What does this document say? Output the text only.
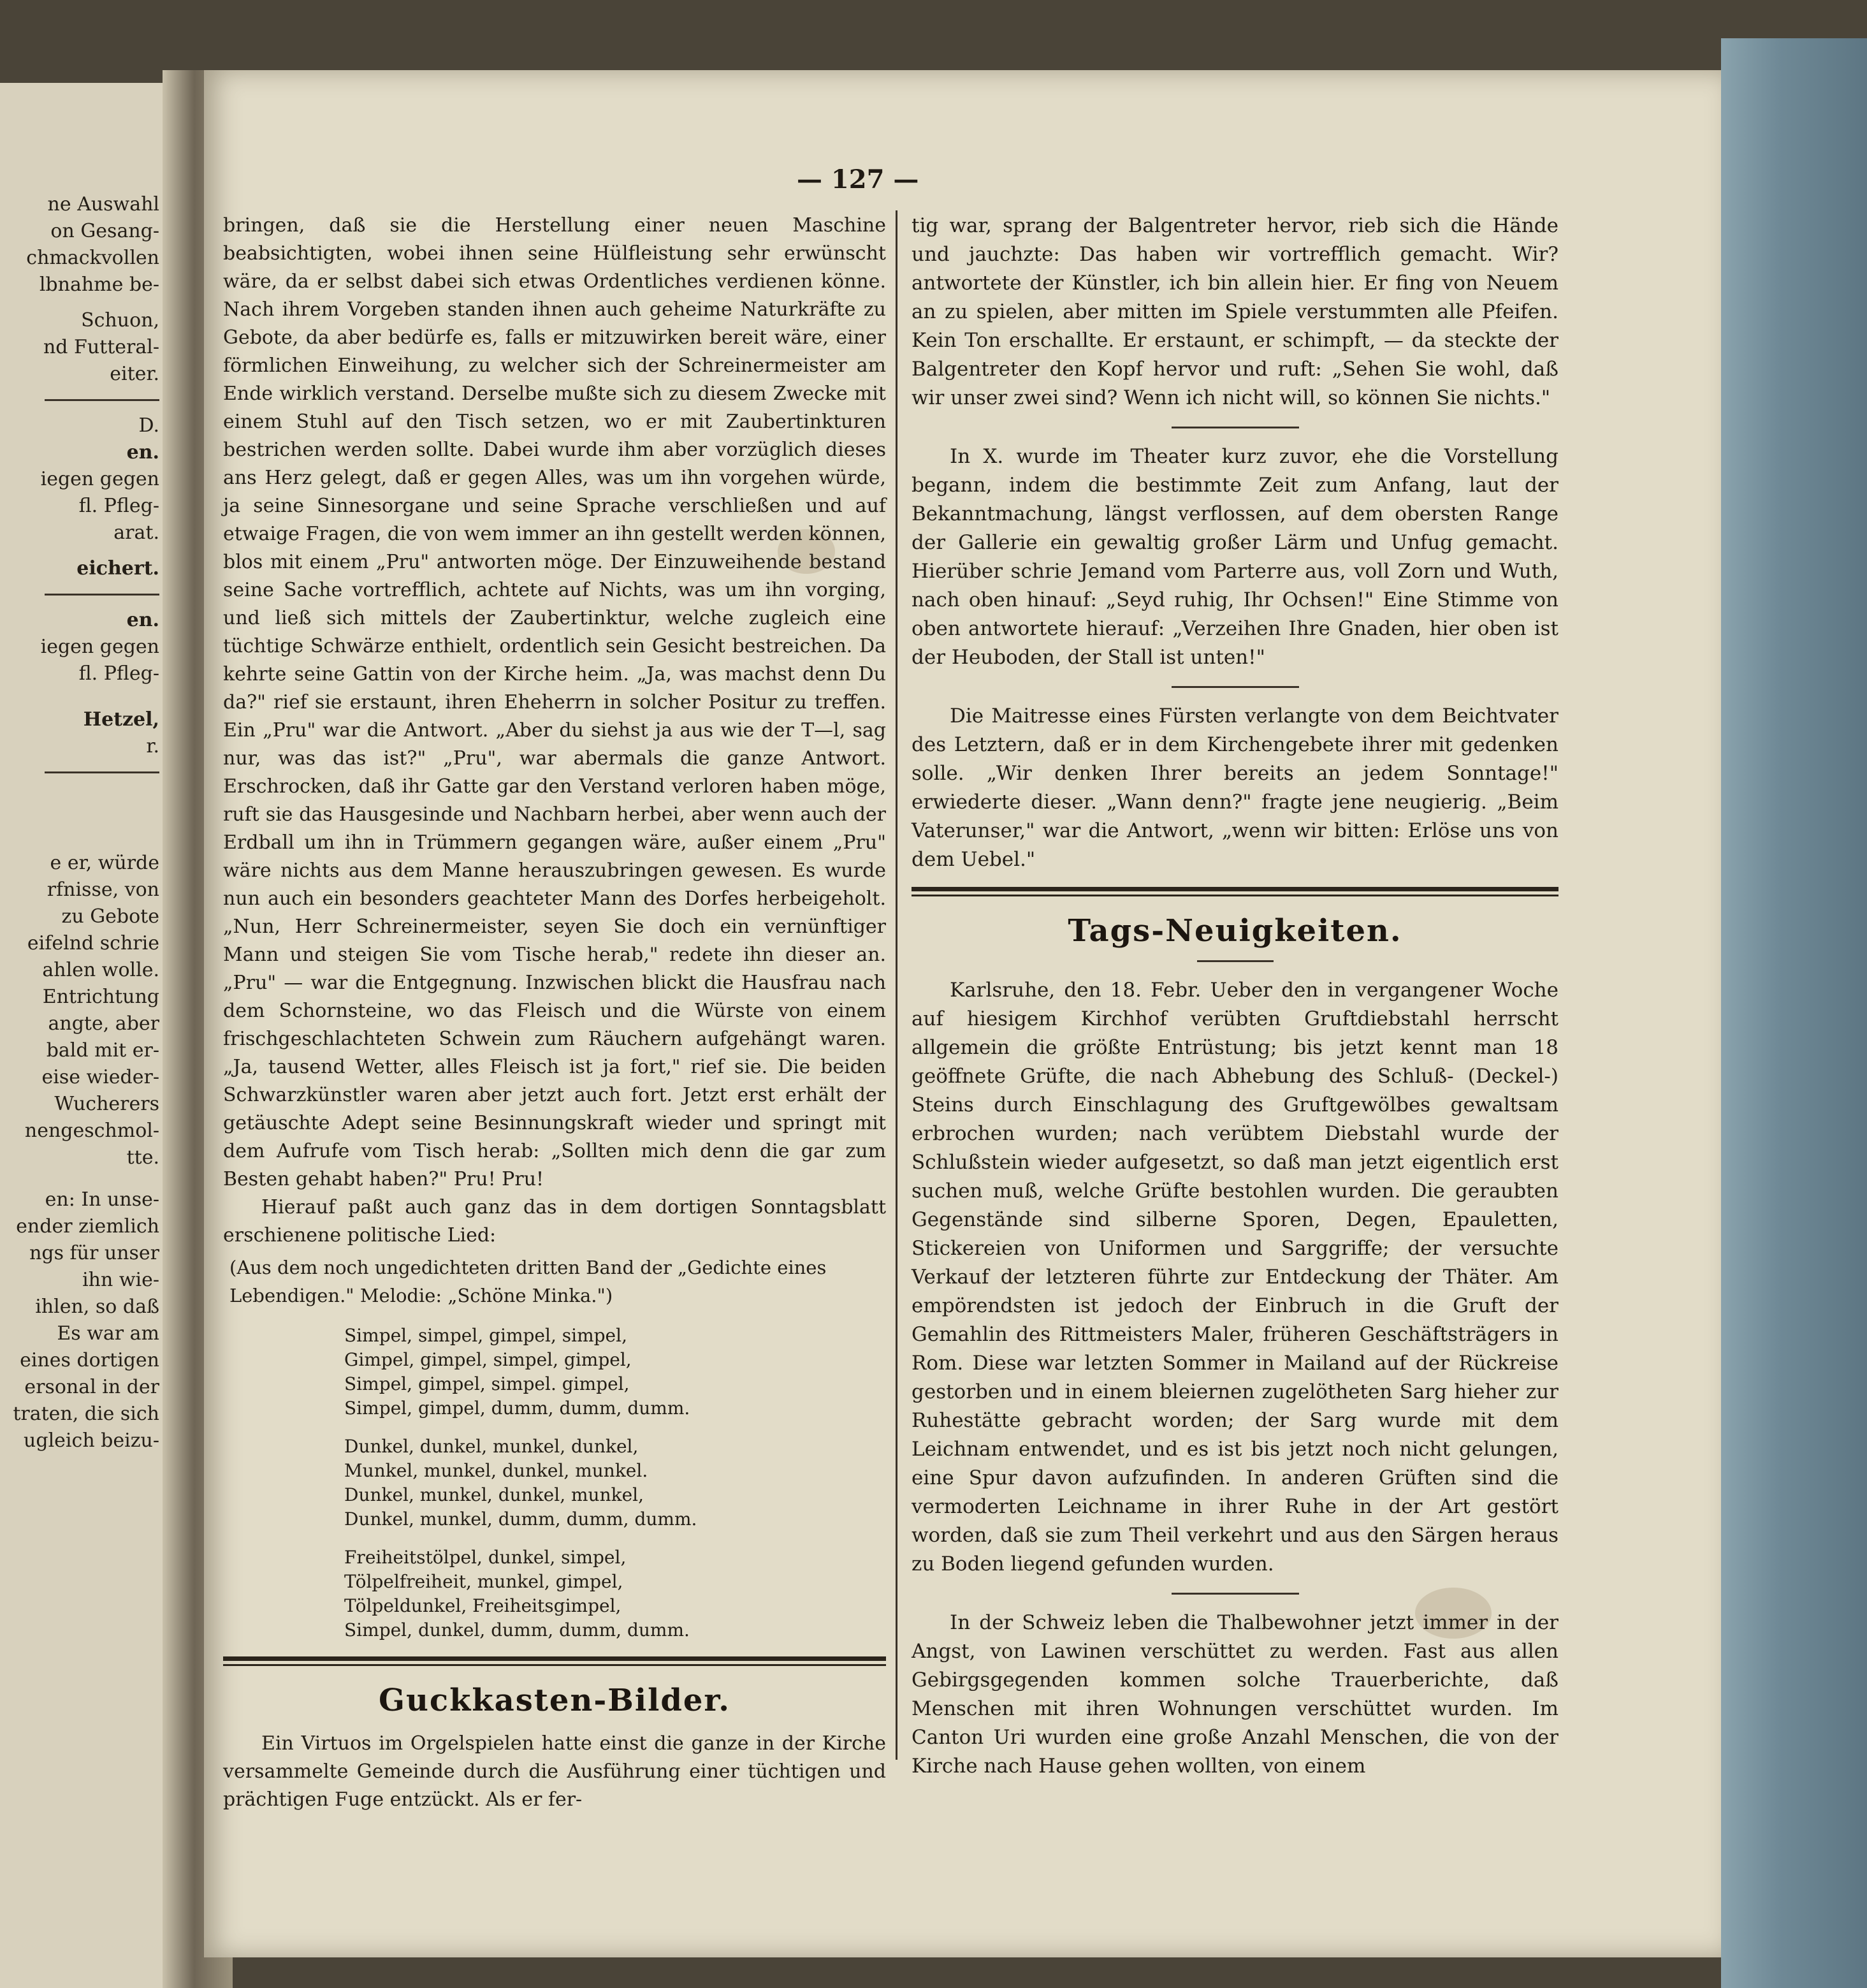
ne Auswahl
on Gesang-
chmackvollen
lbnahme be-
Schuon,
nd Futteral-
eiter.
D.
en.
iegen gegen
fl. Pfleg-
arat.
eichert.
en.
iegen gegen
fl. Pfleg-
Hetzel,
r.
e er, würde
rfnisse, von
zu Gebote
eifelnd schrie
ahlen wolle.
Entrichtung
angte, aber
bald mit er-
eise wieder-
Wucherers
nengeschmol-
tte.
en: In unse-
ender ziemlich
ngs für unser
ihn wie-
ihlen, so daß
Es war am
eines dortigen
ersonal in der
traten, die sich
ugleich beizu-
— 127 —

bringen, daß sie die Herstellung einer neuen Maschine beabsichtigten, wobei ihnen seine Hülfleistung sehr erwünscht wäre, da er selbst dabei sich etwas Ordentliches verdienen könne. Nach ihrem Vorgeben standen ihnen auch geheime Naturkräfte zu Gebote, da aber bedürfe es, falls er mitzuwirken bereit wäre, einer förmlichen Einweihung, zu welcher sich der Schreinermeister am Ende wirklich verstand. Derselbe mußte sich zu diesem Zwecke mit einem Stuhl auf den Tisch setzen, wo er mit Zaubertinkturen bestrichen werden sollte. Dabei wurde ihm aber vorzüglich dieses ans Herz gelegt, daß er gegen Alles, was um ihn vorgehen würde, ja seine Sinnesorgane und seine Sprache verschließen und auf etwaige Fragen, die von wem immer an ihn gestellt werden können, blos mit einem „Pru" antworten möge. Der Einzuweihende bestand seine Sache vortrefflich, achtete auf Nichts, was um ihn vorging, und ließ sich mittels der Zaubertinktur, welche zugleich eine tüchtige Schwärze enthielt, ordentlich sein Gesicht bestreichen. Da kehrte seine Gattin von der Kirche heim. „Ja, was machst denn Du da?" rief sie erstaunt, ihren Eheherrn in solcher Positur zu treffen. Ein „Pru" war die Antwort. „Aber du siehst ja aus wie der T—l, sag nur, was das ist?" „Pru", war abermals die ganze Antwort. Erschrocken, daß ihr Gatte gar den Verstand verloren haben möge, ruft sie das Hausgesinde und Nachbarn herbei, aber wenn auch der Erdball um ihn in Trümmern gegangen wäre, außer einem „Pru" wäre nichts aus dem Manne herauszubringen gewesen. Es wurde nun auch ein besonders geachteter Mann des Dorfes herbeigeholt. „Nun, Herr Schreinermeister, seyen Sie doch ein vernünftiger Mann und steigen Sie vom Tische herab," redete ihn dieser an. „Pru" — war die Entgegnung. Inzwischen blickt die Hausfrau nach dem Schornsteine, wo das Fleisch und die Würste von einem frischgeschlachteten Schwein zum Räuchern aufgehängt waren. „Ja, tausend Wetter, alles Fleisch ist ja fort," rief sie. Die beiden Schwarzkünstler waren aber jetzt auch fort. Jetzt erst erhält der getäuschte Adept seine Besinnungskraft wieder und springt mit dem Aufrufe vom Tisch herab: „Sollten mich denn die gar zum Besten gehabt haben?" Pru! Pru!

Hierauf paßt auch ganz das in dem dortigen Sonntagsblatt erschienene politische Lied:

(Aus dem noch ungedichteten dritten Band der „Gedichte eines Lebendigen." Melodie: „Schöne Minka.")
Simpel, simpel, gimpel, simpel,
Gimpel, gimpel, simpel, gimpel,
Simpel, gimpel, simpel. gimpel,
Simpel, gimpel, dumm, dumm, dumm.
Dunkel, dunkel, munkel, dunkel,
Munkel, munkel, dunkel, munkel.
Dunkel, munkel, dunkel, munkel,
Dunkel, munkel, dumm, dumm, dumm.
Freiheitstölpel, dunkel, simpel,
Tölpelfreiheit, munkel, gimpel,
Tölpeldunkel, Freiheitsgimpel,
Simpel, dunkel, dumm, dumm, dumm.
Guckkasten-Bilder.

Ein Virtuos im Orgelspielen hatte einst die ganze in der Kirche versammelte Gemeinde durch die Ausführung einer tüchtigen und prächtigen Fuge entzückt. Als er fer-

tig war, sprang der Balgentreter hervor, rieb sich die Hände und jauchzte: Das haben wir vortrefflich gemacht. Wir? antwortete der Künstler, ich bin allein hier. Er fing von Neuem an zu spielen, aber mitten im Spiele verstummten alle Pfeifen. Kein Ton erschallte. Er erstaunt, er schimpft, — da steckte der Balgentreter den Kopf hervor und ruft: „Sehen Sie wohl, daß wir unser zwei sind? Wenn ich nicht will, so können Sie nichts."

In X. wurde im Theater kurz zuvor, ehe die Vorstellung begann, indem die bestimmte Zeit zum Anfang, laut der Bekanntmachung, längst verflossen, auf dem obersten Range der Gallerie ein gewaltig großer Lärm und Unfug gemacht. Hierüber schrie Jemand vom Parterre aus, voll Zorn und Wuth, nach oben hinauf: „Seyd ruhig, Ihr Ochsen!" Eine Stimme von oben antwortete hierauf: „Verzeihen Ihre Gnaden, hier oben ist der Heuboden, der Stall ist unten!"

Die Maitresse eines Fürsten verlangte von dem Beichtvater des Letztern, daß er in dem Kirchengebete ihrer mit gedenken solle. „Wir denken Ihrer bereits an jedem Sonntage!" erwiederte dieser. „Wann denn?" fragte jene neugierig. „Beim Vaterunser," war die Antwort, „wenn wir bitten: Erlöse uns von dem Uebel."

Tags-Neuigkeiten.

Karlsruhe, den 18. Febr. Ueber den in vergangener Woche auf hiesigem Kirchhof verübten Gruftdiebstahl herrscht allgemein die größte Entrüstung; bis jetzt kennt man 18 geöffnete Grüfte, die nach Abhebung des Schluß- (Deckel-) Steins durch Einschlagung des Gruftgewölbes gewaltsam erbrochen wurden; nach verübtem Diebstahl wurde der Schlußstein wieder aufgesetzt, so daß man jetzt eigentlich erst suchen muß, welche Grüfte bestohlen wurden. Die geraubten Gegenstände sind silberne Sporen, Degen, Epauletten, Stickereien von Uniformen und Sarggriffe; der versuchte Verkauf der letzteren führte zur Entdeckung der Thäter. Am empörendsten ist jedoch der Einbruch in die Gruft der Gemahlin des Rittmeisters Maler, früheren Geschäftsträgers in Rom. Diese war letzten Sommer in Mailand auf der Rückreise gestorben und in einem bleiernen zugelötheten Sarg hieher zur Ruhestätte gebracht worden; der Sarg wurde mit dem Leichnam entwendet, und es ist bis jetzt noch nicht gelungen, eine Spur davon aufzufinden. In anderen Grüften sind die vermoderten Leichname in ihrer Ruhe in der Art gestört worden, daß sie zum Theil verkehrt und aus den Särgen heraus zu Boden liegend gefunden wurden.

In der Schweiz leben die Thalbewohner jetzt immer in der Angst, von Lawinen verschüttet zu werden. Fast aus allen Gebirgsgegenden kommen solche Trauerberichte, daß Menschen mit ihren Wohnungen verschüttet wurden. Im Canton Uri wurden eine große Anzahl Menschen, die von der Kirche nach Hause gehen wollten, von einem
